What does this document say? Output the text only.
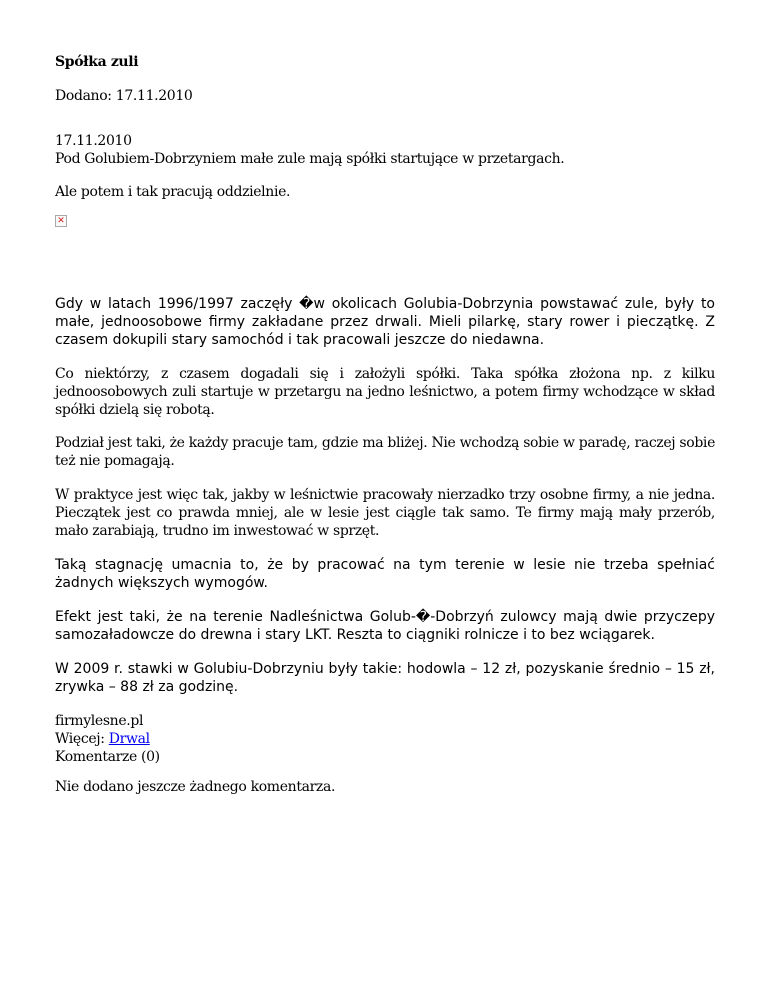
Spółka zuli

Dodano: 17.11.2010

17.11.2010
Pod Golubiem-Dobrzyniem małe zule mają spółki startujące w przetargach.

Ale potem i tak pracują oddzielnie.

✕

Gdy w latach 1996/1997 zaczęły �w okolicach Golubia-Dobrzynia powstawać zule, były to małe, jednoosobowe firmy zakładane przez drwali. Mieli pilarkę, stary rower i pieczątkę. Z czasem dokupili stary samochód i tak pracowali jeszcze do niedawna.

Co niektórzy, z czasem dogadali się i założyli spółki. Taka spółka złożona np. z kilku jednoosobowych zuli startuje w przetargu na jedno leśnictwo, a potem firmy wchodzące w skład spółki dzielą się robotą.

Podział jest taki, że każdy pracuje tam, gdzie ma bliżej. Nie wchodzą sobie w paradę, raczej sobie też nie pomagają.

W praktyce jest więc tak, jakby w leśnictwie pracowały nierzadko trzy osobne firmy, a nie jedna. Pieczątek jest co prawda mniej, ale w lesie jest ciągle tak samo. Te firmy mają mały przerób, mało zarabiają, trudno im inwestować w sprzęt.

Taką stagnację umacnia to, że by pracować na tym terenie w lesie nie trzeba spełniać żadnych większych wymogów.

Efekt jest taki, że na terenie Nadleśnictwa Golub-�-Dobrzyń zulowcy mają dwie przyczepy samozaładowcze do drewna i stary LKT. Reszta to ciągniki rolnicze i to bez wciągarek.

W 2009 r. stawki w Golubiu-Dobrzyniu były takie: hodowla – 12 zł, pozyskanie średnio – 15 zł, zrywka – 88 zł za godzinę.

firmylesne.pl
Więcej: Drwal
Komentarze (0)

Nie dodano jeszcze żadnego komentarza.
